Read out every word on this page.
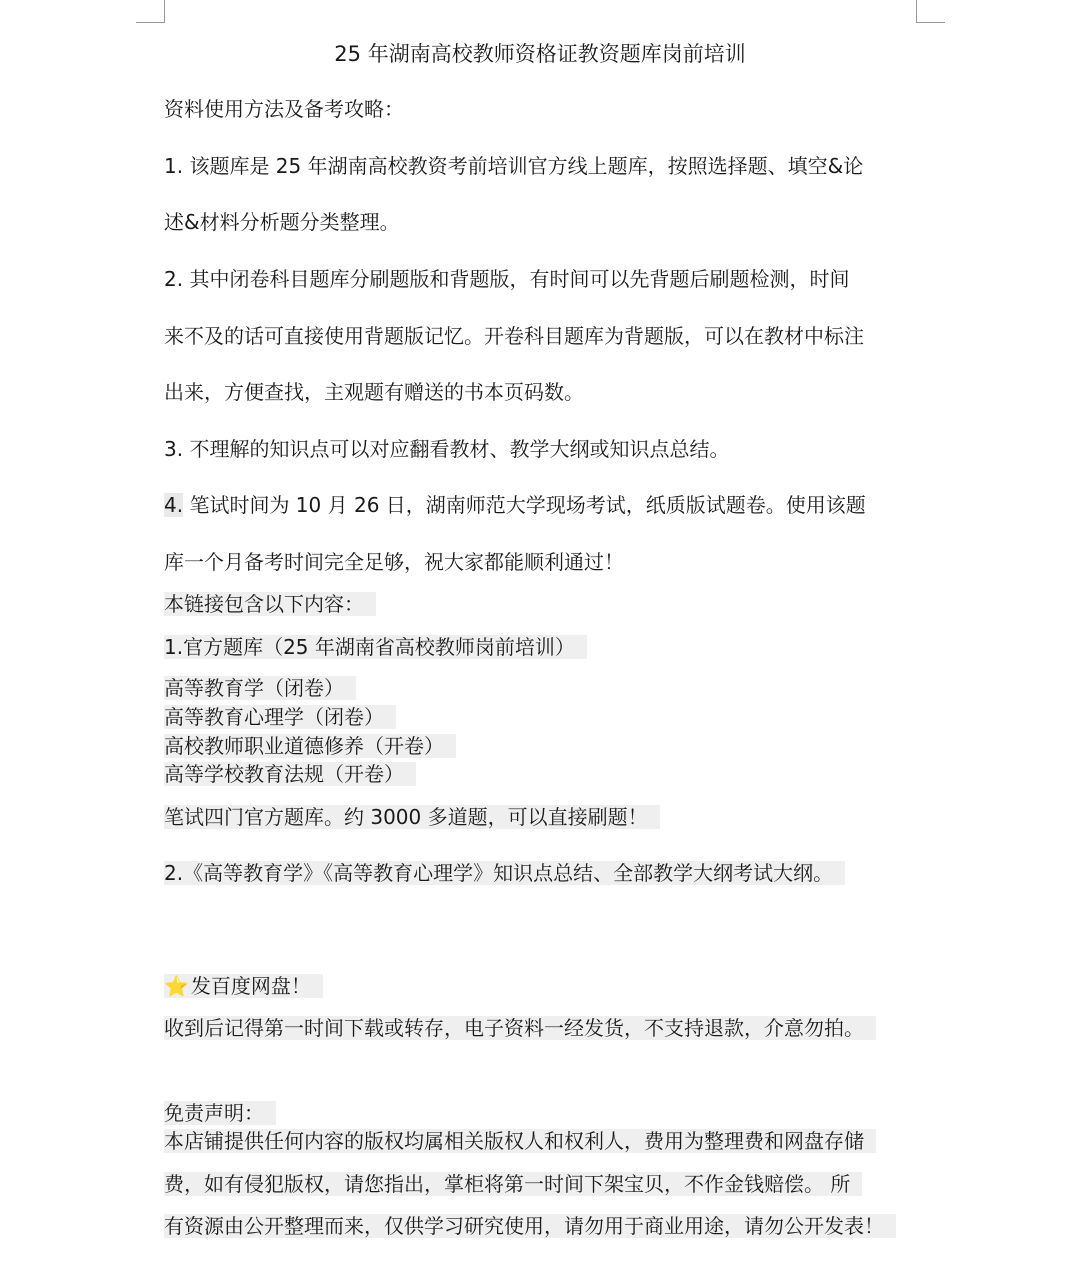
25 年湖南高校教师资格证教资题库岗前培训
资料使用方法及备考攻略：
1. 该题库是 25 年湖南高校教资考前培训官方线上题库，按照选择题、填空&论
述&材料分析题分类整理。
2. 其中闭卷科目题库分刷题版和背题版，有时间可以先背题后刷题检测，时间
来不及的话可直接使用背题版记忆。开卷科目题库为背题版，可以在教材中标注
出来，方便查找，主观题有赠送的书本页码数。
3. 不理解的知识点可以对应翻看教材、教学大纲或知识点总结。
4. 笔试时间为 10 月 26 日，湖南师范大学现场考试，纸质版试题卷。使用该题
库一个月备考时间完全足够，祝大家都能顺利通过！
本链接包含以下内容：
1.官方题库（25 年湖南省高校教师岗前培训）
高等教育学（闭卷）
高等教育心理学（闭卷）
高校教师职业道德修养（开卷）
高等学校教育法规（开卷）
笔试四门官方题库。约 3000 多道题，可以直接刷题！
2.《高等教育学》《高等教育心理学》知识点总结、全部教学大纲考试大纲。
⭐ 发百度网盘！
收到后记得第一时间下载或转存，电子资料一经发货，不支持退款，介意勿拍。
免责声明：
本店铺提供任何内容的版权均属相关版权人和权利人，费用为整理费和网盘存储
费，如有侵犯版权，请您指出，掌柜将第一时间下架宝贝，不作金钱赔偿。 所
有资源由公开整理而来，仅供学习研究使用，请勿用于商业用途，请勿公开发表！
